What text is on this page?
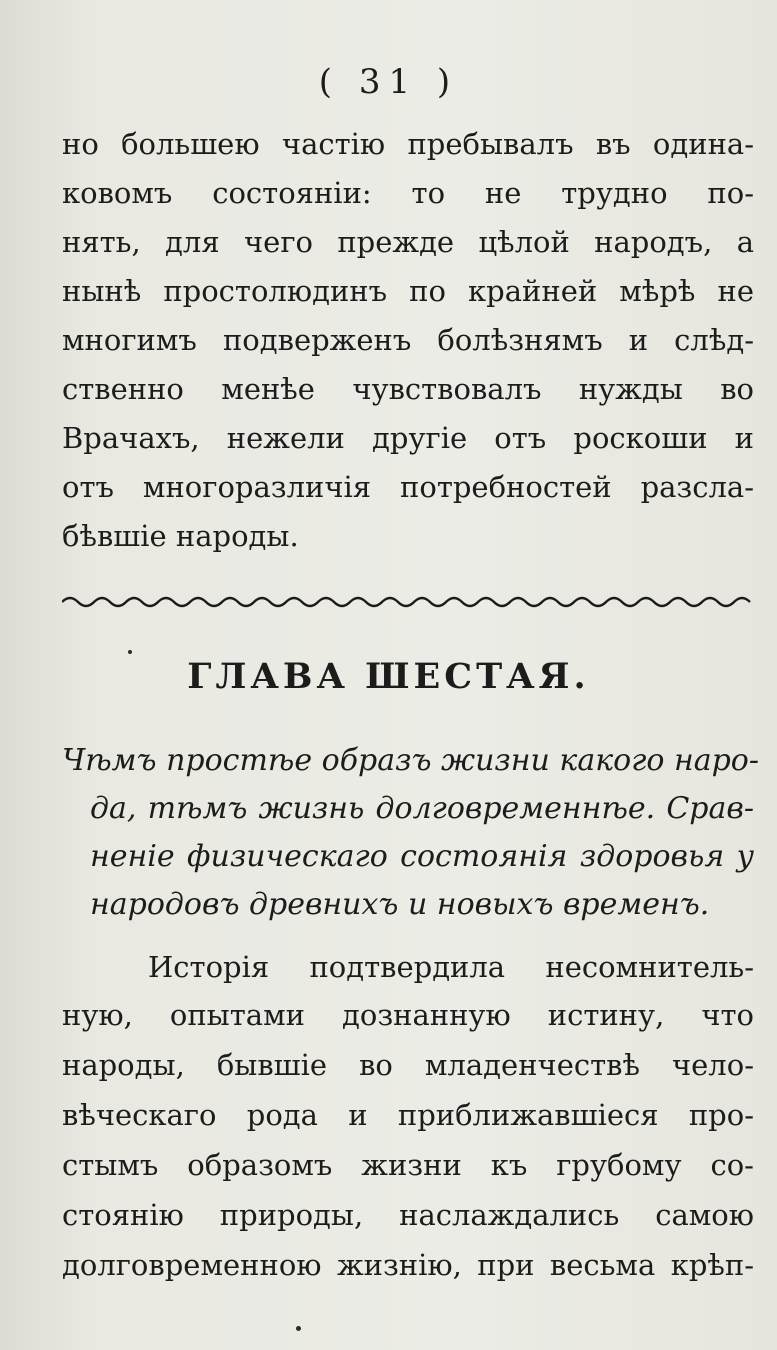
( 31 )
но большею частію пребывалъ въ одина-
ковомъ состояніи: то не трудно по-
нять, для чего прежде цѣлой народъ, а
нынѣ простолюдинъ по крайней мѣрѣ не
многимъ подверженъ болѣзнямъ и слѣд-
ственно менѣе чувствовалъ нужды во
Врачахъ, нежели другіе отъ роскоши и
отъ многоразличія потребностей разсла-
бѣвшіе народы.
ГЛАВА ШЕСТАЯ.
Чѣмъ простѣе образъ жизни какого наро-
да, тѣмъ жизнь долговременнѣе. Срав-
неніе физическаго состоянія здоровья у
народовъ древнихъ и новыхъ временъ.
Исторія подтвердила несомнитель-
ную, опытами дознанную истину, что
народы, бывшіе во младенчествѣ чело-
вѣческаго рода и приближавшіеся про-
стымъ образомъ жизни къ грубому со-
стоянію природы, наслаждались самою
долговременною жизнію, при весьма крѣп-
